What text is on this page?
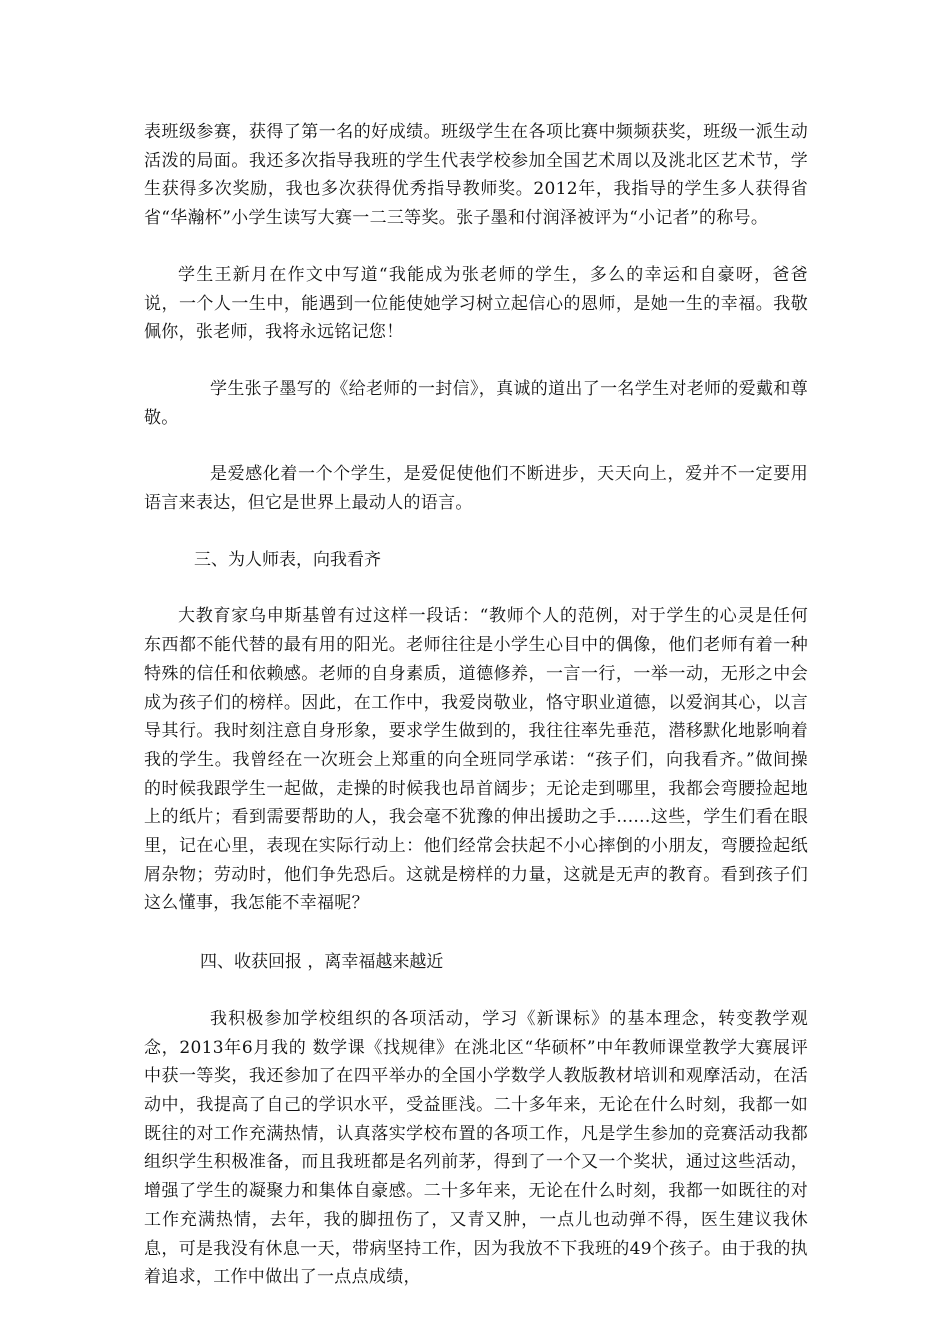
表班级参赛，获得了第一名的好成绩。班级学生在各项比赛中频频获奖，班级一派生动活泼的局面。我还多次指导我班的学生代表学校参加全国艺术周以及洮北区艺术节，学生获得多次奖励，我也多次获得优秀指导教师奖。2012年，我指导的学生多人获得省省“华瀚杯”小学生读写大赛一二三等奖。张子墨和付润泽被评为“小记者”的称号。

学生王新月在作文中写道“我能成为张老师的学生，多么的幸运和自豪呀，爸爸说，一个人一生中，能遇到一位能使她学习树立起信心的恩师，是她一生的幸福。我敬佩你，张老师，我将永远铭记您！

学生张子墨写的《给老师的一封信》，真诚的道出了一名学生对老师的爱戴和尊敬。

是爱感化着一个个学生，是爱促使他们不断进步，天天向上，爱并不一定要用语言来表达，但它是世界上最动人的语言。

三、为人师表，向我看齐

大教育家乌申斯基曾有过这样一段话：“教师个人的范例，对于学生的心灵是任何东西都不能代替的最有用的阳光。老师往往是小学生心目中的偶像，他们老师有着一种特殊的信任和依赖感。老师的自身素质，道德修养，一言一行，一举一动，无形之中会成为孩子们的榜样。因此，在工作中，我爱岗敬业，恪守职业道德，以爱润其心，以言导其行。我时刻注意自身形象，要求学生做到的，我往往率先垂范，潜移默化地影响着我的学生。我曾经在一次班会上郑重的向全班同学承诺：“孩子们，向我看齐。”做间操的时候我跟学生一起做，走操的时候我也昂首阔步；无论走到哪里，我都会弯腰捡起地上的纸片；看到需要帮助的人，我会毫不犹豫的伸出援助之手......这些，学生们看在眼里，记在心里，表现在实际行动上：他们经常会扶起不小心摔倒的小朋友，弯腰捡起纸屑杂物；劳动时，他们争先恐后。这就是榜样的力量，这就是无声的教育。看到孩子们这么懂事，我怎能不幸福呢？

四、收获回报 ，离幸福越来越近

我积极参加学校组织的各项活动，学习《新课标》的基本理念，转变教学观念，2013年6月我的 数学课《找规律》在洮北区“华硕杯”中年教师课堂教学大赛展评中获一等奖，我还参加了在四平举办的全国小学数学人教版教材培训和观摩活动，在活动中，我提高了自己的学识水平，受益匪浅。二十多年来，无论在什么时刻，我都一如既往的对工作充满热情，认真落实学校布置的各项工作，凡是学生参加的竞赛活动我都组织学生积极准备，而且我班都是名列前茅，得到了一个又一个奖状，通过这些活动，增强了学生的凝聚力和集体自豪感。二十多年来，无论在什么时刻，我都一如既往的对工作充满热情，去年，我的脚扭伤了，又青又肿，一点儿也动弹不得，医生建议我休息，可是我没有休息一天，带病坚持工作，因为我放不下我班的49个孩子。由于我的执着追求，工作中做出了一点点成绩，
